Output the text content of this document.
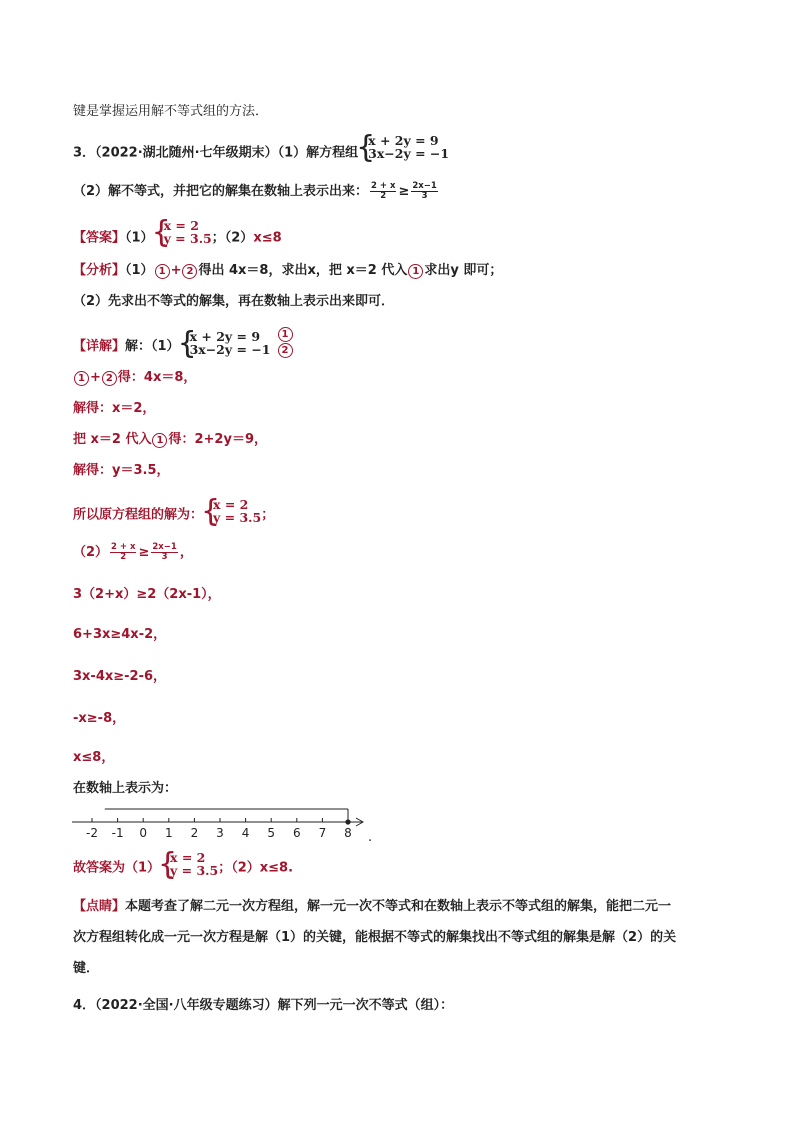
键是掌握运用解不等式组的方法．
3．（2022·湖北随州·七年级期末）（1）解方程组
{ x + 2y = 9
3x−2y = −1
（2）解不等式，并把它的解集在数轴上表示出来： $\frac{2 + x}{2} \ge \frac{2x-1}{3}$
【答案】（1）
{ x = 2
y = 3.5 ；（2）x≤8
【分析】（1） 1 + 2 得出 4x＝8，求出x，把 x＝2 代入 1 求出y 即可；
（2）先求出不等式的解集，再在数轴上表示出来即可．
【详解】解：（1）
{ x + 2y = 9
$3x-2y = -1 \frac{1}{2}$
1 + 2 得：4x＝8，
解得：x＝2，
把 x＝2 代入 1 得：2+2y＝9，
解得：y＝3.5，
所以原方程组的解为：
{ x = 2
y = 3.5 ；
$(2) \frac{2 + x}{2} \ge \frac{2x-1}{3}$ ，
3（2+x）≥2（2x-1），
6+3x≥4x-2，
3x-4x≥-2-6，
-x≥-8，
x≤8，
在数轴上表示为：
-2 -1 0 1 2 3 4 5 6 7 8 .
故答案为（1）
{ x = 2
y = 3.5 ；（2）x≤8.
【点睛】本题考查了解二元一次方程组，解一元一次不等式和在数轴上表示不等式组的解集，能把二元一
次方程组转化成一元一次方程是解（1）的关键，能根据不等式的解集找出不等式组的解集是解（2）的关
键．
4．（2022·全国·八年级专题练习）解下列一元一次不等式（组）：
